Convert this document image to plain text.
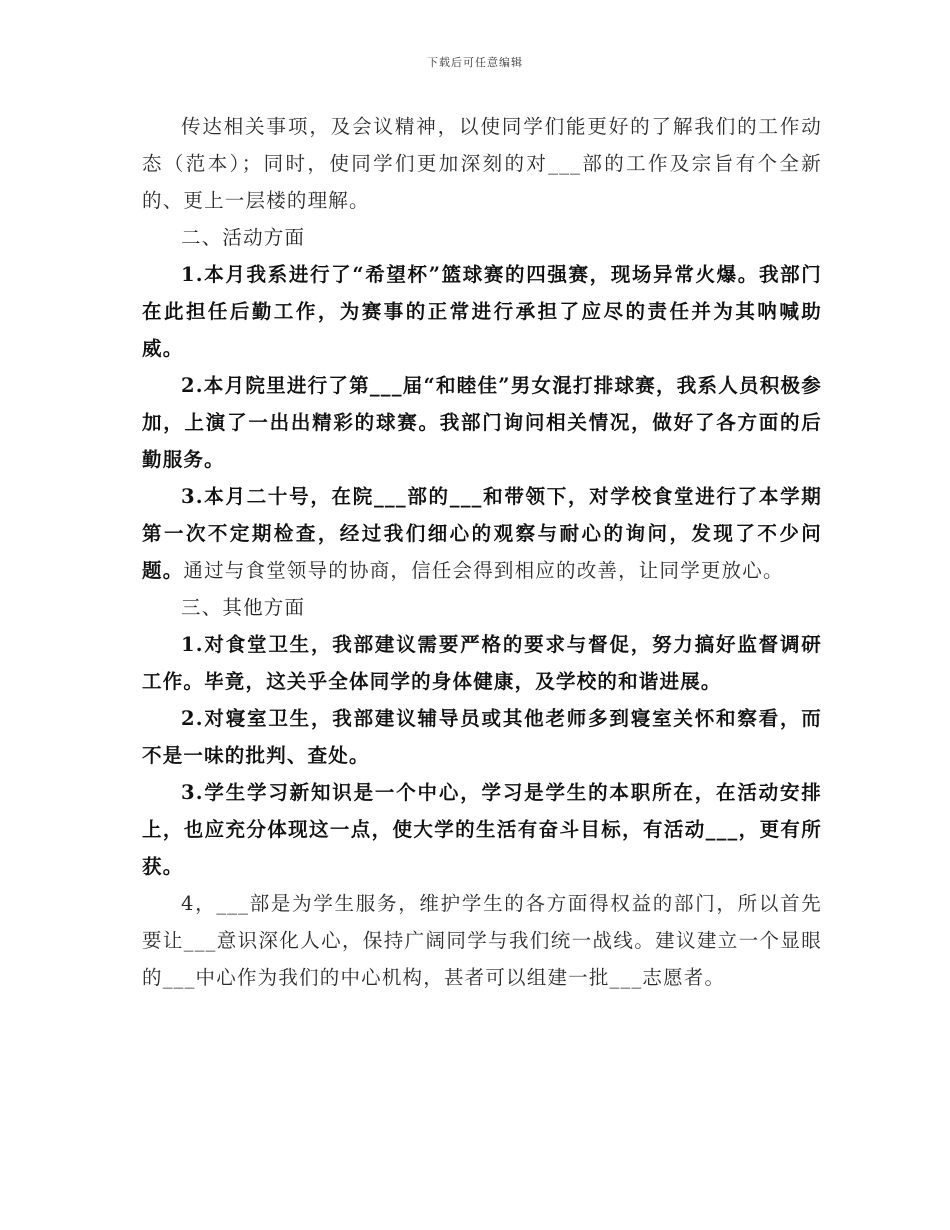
下载后可任意编辑

传达相关事项，及会议精神，以使同学们能更好的了解我们的工作动态（范本）；同时，使同学们更加深刻的对___部的工作及宗旨有个全新的、更上一层楼的理解。

二、活动方面

1.本月我系进行了“希望杯”篮球赛的四强赛，现场异常火爆。我部门在此担任后勤工作，为赛事的正常进行承担了应尽的责任并为其呐喊助威。

2.本月院里进行了第___届“和睦佳”男女混打排球赛，我系人员积极参加，上演了一出出精彩的球赛。我部门询问相关情况，做好了各方面的后勤服务。

3.本月二十号，在院___部的___和带领下，对学校食堂进行了本学期第一次不定期检查，经过我们细心的观察与耐心的询问，发现了不少问题。通过与食堂领导的协商，信任会得到相应的改善，让同学更放心。

三、其他方面

1.对食堂卫生，我部建议需要严格的要求与督促，努力搞好监督调研工作。毕竟，这关乎全体同学的身体健康，及学校的和谐进展。

2.对寝室卫生，我部建议辅导员或其他老师多到寝室关怀和察看，而不是一味的批判、查处。

3.学生学习新知识是一个中心，学习是学生的本职所在，在活动安排上，也应充分体现这一点，使大学的生活有奋斗目标，有活动___，更有所获。

4，___部是为学生服务，维护学生的各方面得权益的部门，所以首先要让___意识深化人心，保持广阔同学与我们统一战线。建议建立一个显眼的___中心作为我们的中心机构，甚者可以组建一批___志愿者。
